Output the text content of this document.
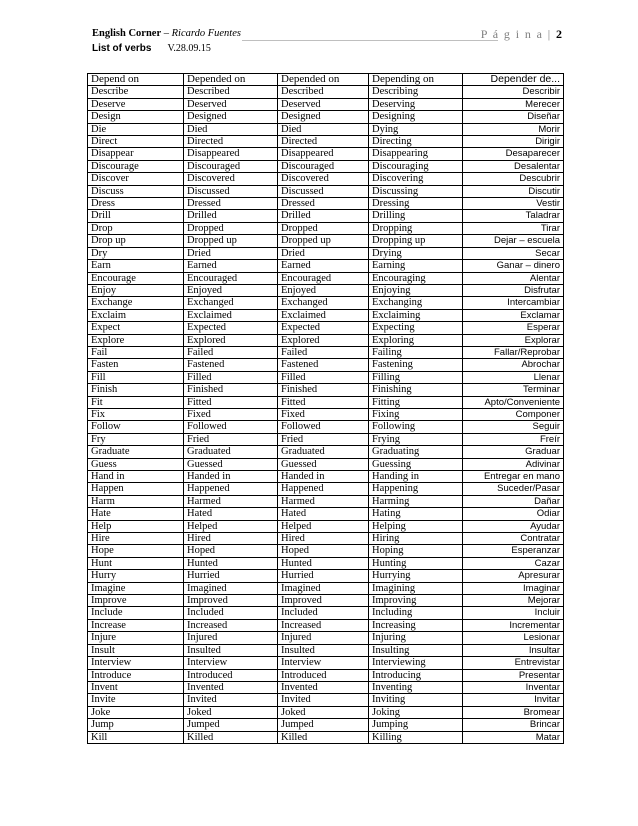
English Corner – Ricardo Fuentes	P á g i n a | 2
List of verbs V.28.09.15
Depend on	Depended on	Depended on	Depending on	Depender de...
Describe	Described	Described	Describing	Describir
Deserve	Deserved	Deserved	Deserving	Merecer
Design	Designed	Designed	Designing	Diseñar
Die	Died	Died	Dying	Morir
Direct	Directed	Directed	Directing	Dirigir
Disappear	Disappeared	Disappeared	Disappearing	Desaparecer
Discourage	Discouraged	Discouraged	Discouraging	Desalentar
Discover	Discovered	Discovered	Discovering	Descubrir
Discuss	Discussed	Discussed	Discussing	Discutir
Dress	Dressed	Dressed	Dressing	Vestir
Drill	Drilled	Drilled	Drilling	Taladrar
Drop	Dropped	Dropped	Dropping	Tirar
Drop up	Dropped up	Dropped up	Dropping up	Dejar – escuela
Dry	Dried	Dried	Drying	Secar
Earn	Earned	Earned	Earning	Ganar – dinero
Encourage	Encouraged	Encouraged	Encouraging	Alentar
Enjoy	Enjoyed	Enjoyed	Enjoying	Disfrutar
Exchange	Exchanged	Exchanged	Exchanging	Intercambiar
Exclaim	Exclaimed	Exclaimed	Exclaiming	Exclamar
Expect	Expected	Expected	Expecting	Esperar
Explore	Explored	Explored	Exploring	Explorar
Fail	Failed	Failed	Failing	Fallar/Reprobar
Fasten	Fastened	Fastened	Fastening	Abrochar
Fill	Filled	Filled	Filling	Llenar
Finish	Finished	Finished	Finishing	Terminar
Fit	Fitted	Fitted	Fitting	Apto/Conveniente
Fix	Fixed	Fixed	Fixing	Componer
Follow	Followed	Followed	Following	Seguir
Fry	Fried	Fried	Frying	Freír
Graduate	Graduated	Graduated	Graduating	Graduar
Guess	Guessed	Guessed	Guessing	Adivinar
Hand in	Handed in	Handed in	Handing in	Entregar en mano
Happen	Happened	Happened	Happening	Suceder/Pasar
Harm	Harmed	Harmed	Harming	Dañar
Hate	Hated	Hated	Hating	Odiar
Help	Helped	Helped	Helping	Ayudar
Hire	Hired	Hired	Hiring	Contratar
Hope	Hoped	Hoped	Hoping	Esperanzar
Hunt	Hunted	Hunted	Hunting	Cazar
Hurry	Hurried	Hurried	Hurrying	Apresurar
Imagine	Imagined	Imagined	Imagining	Imaginar
Improve	Improved	Improved	Improving	Mejorar
Include	Included	Included	Including	Incluir
Increase	Increased	Increased	Increasing	Incrementar
Injure	Injured	Injured	Injuring	Lesionar
Insult	Insulted	Insulted	Insulting	Insultar
Interview	Interview	Interview	Interviewing	Entrevistar
Introduce	Introduced	Introduced	Introducing	Presentar
Invent	Invented	Invented	Inventing	Inventar
Invite	Invited	Invited	Inviting	Invitar
Joke	Joked	Joked	Joking	Bromear
Jump	Jumped	Jumped	Jumping	Brincar
Kill	Killed	Killed	Killing	Matar
